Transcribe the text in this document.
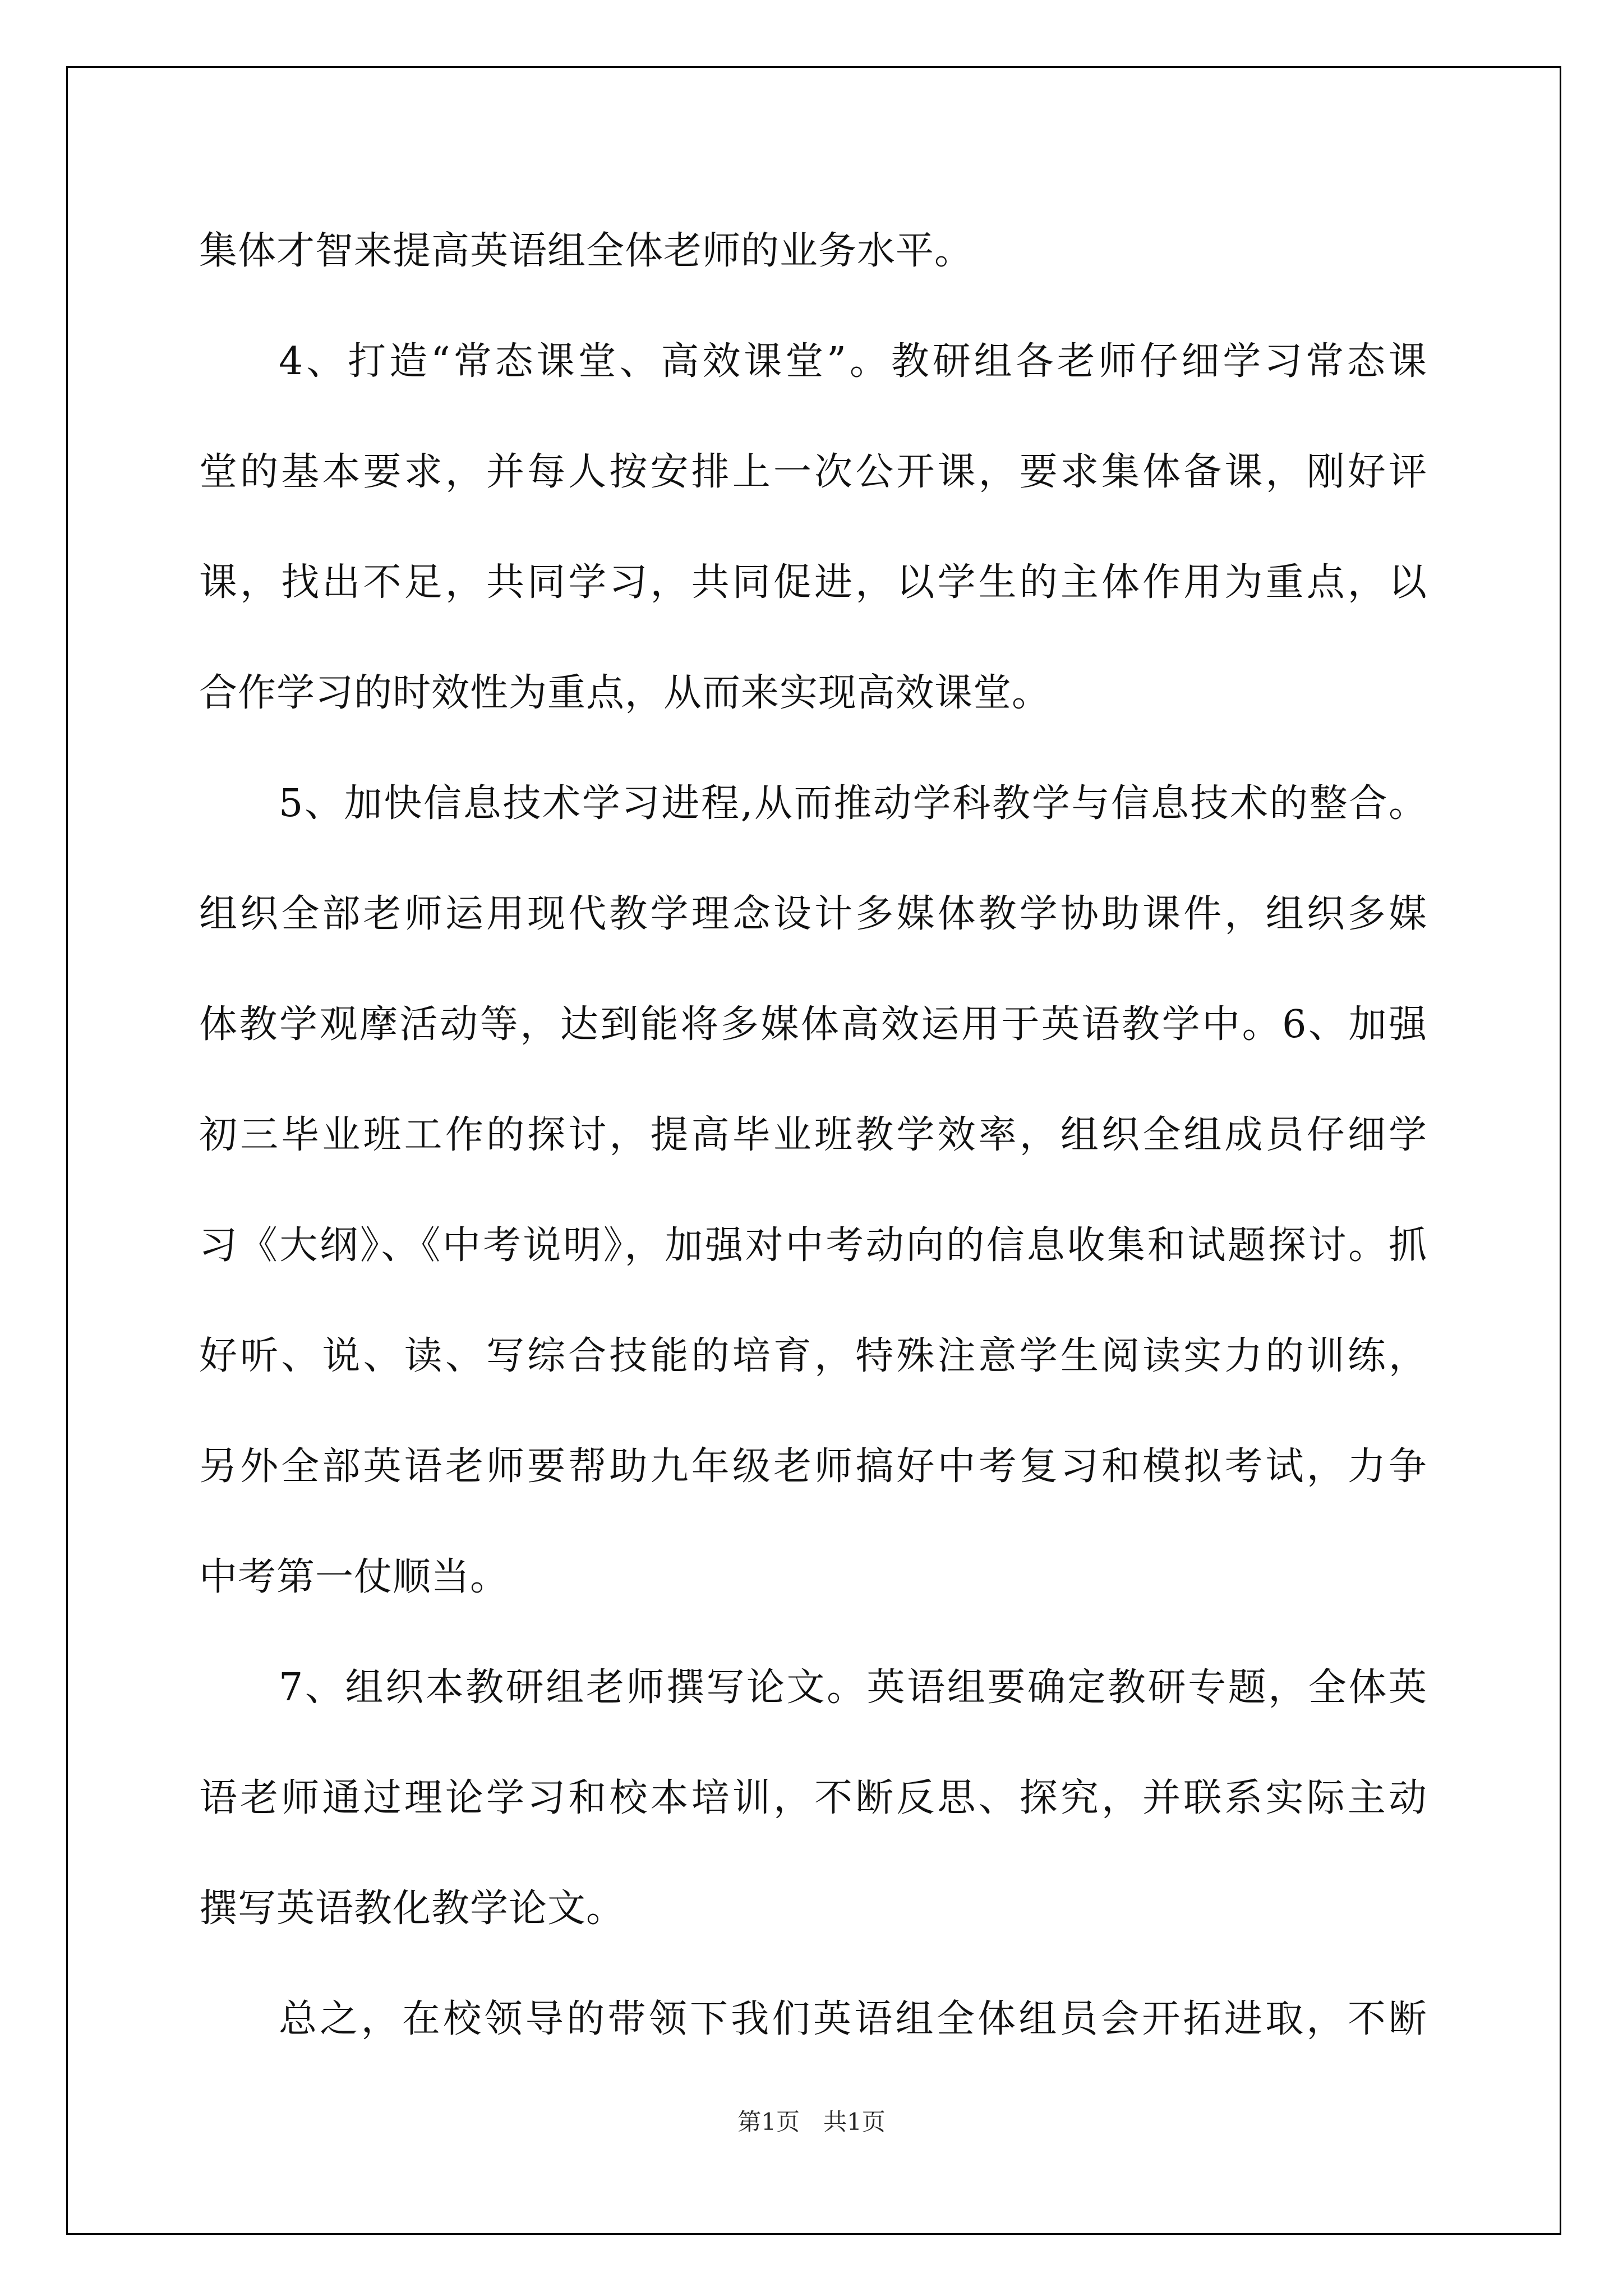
集体才智来提高英语组全体老师的业务水平。
4、打造“常态课堂、高效课堂”。教研组各老师仔细学习常态课
堂的基本要求，并每人按安排上一次公开课，要求集体备课，刚好评
课，找出不足，共同学习，共同促进，以学生的主体作用为重点，以
合作学习的时效性为重点，从而来实现高效课堂。
5、加快信息技术学习进程,从而推动学科教学与信息技术的整合。
组织全部老师运用现代教学理念设计多媒体教学协助课件，组织多媒
体教学观摩活动等，达到能将多媒体高效运用于英语教学中。6、加强
初三毕业班工作的探讨，提高毕业班教学效率，组织全组成员仔细学
习《大纲》、《中考说明》，加强对中考动向的信息收集和试题探讨。抓
好听、说、读、写综合技能的培育，特殊注意学生阅读实力的训练，
另外全部英语老师要帮助九年级老师搞好中考复习和模拟考试，力争
中考第一仗顺当。
7、组织本教研组老师撰写论文。英语组要确定教研专题，全体英
语老师通过理论学习和校本培训，不断反思、探究，并联系实际主动
撰写英语教化教学论文。
总之，在校领导的带领下我们英语组全体组员会开拓进取，不断
第1页　共1页
